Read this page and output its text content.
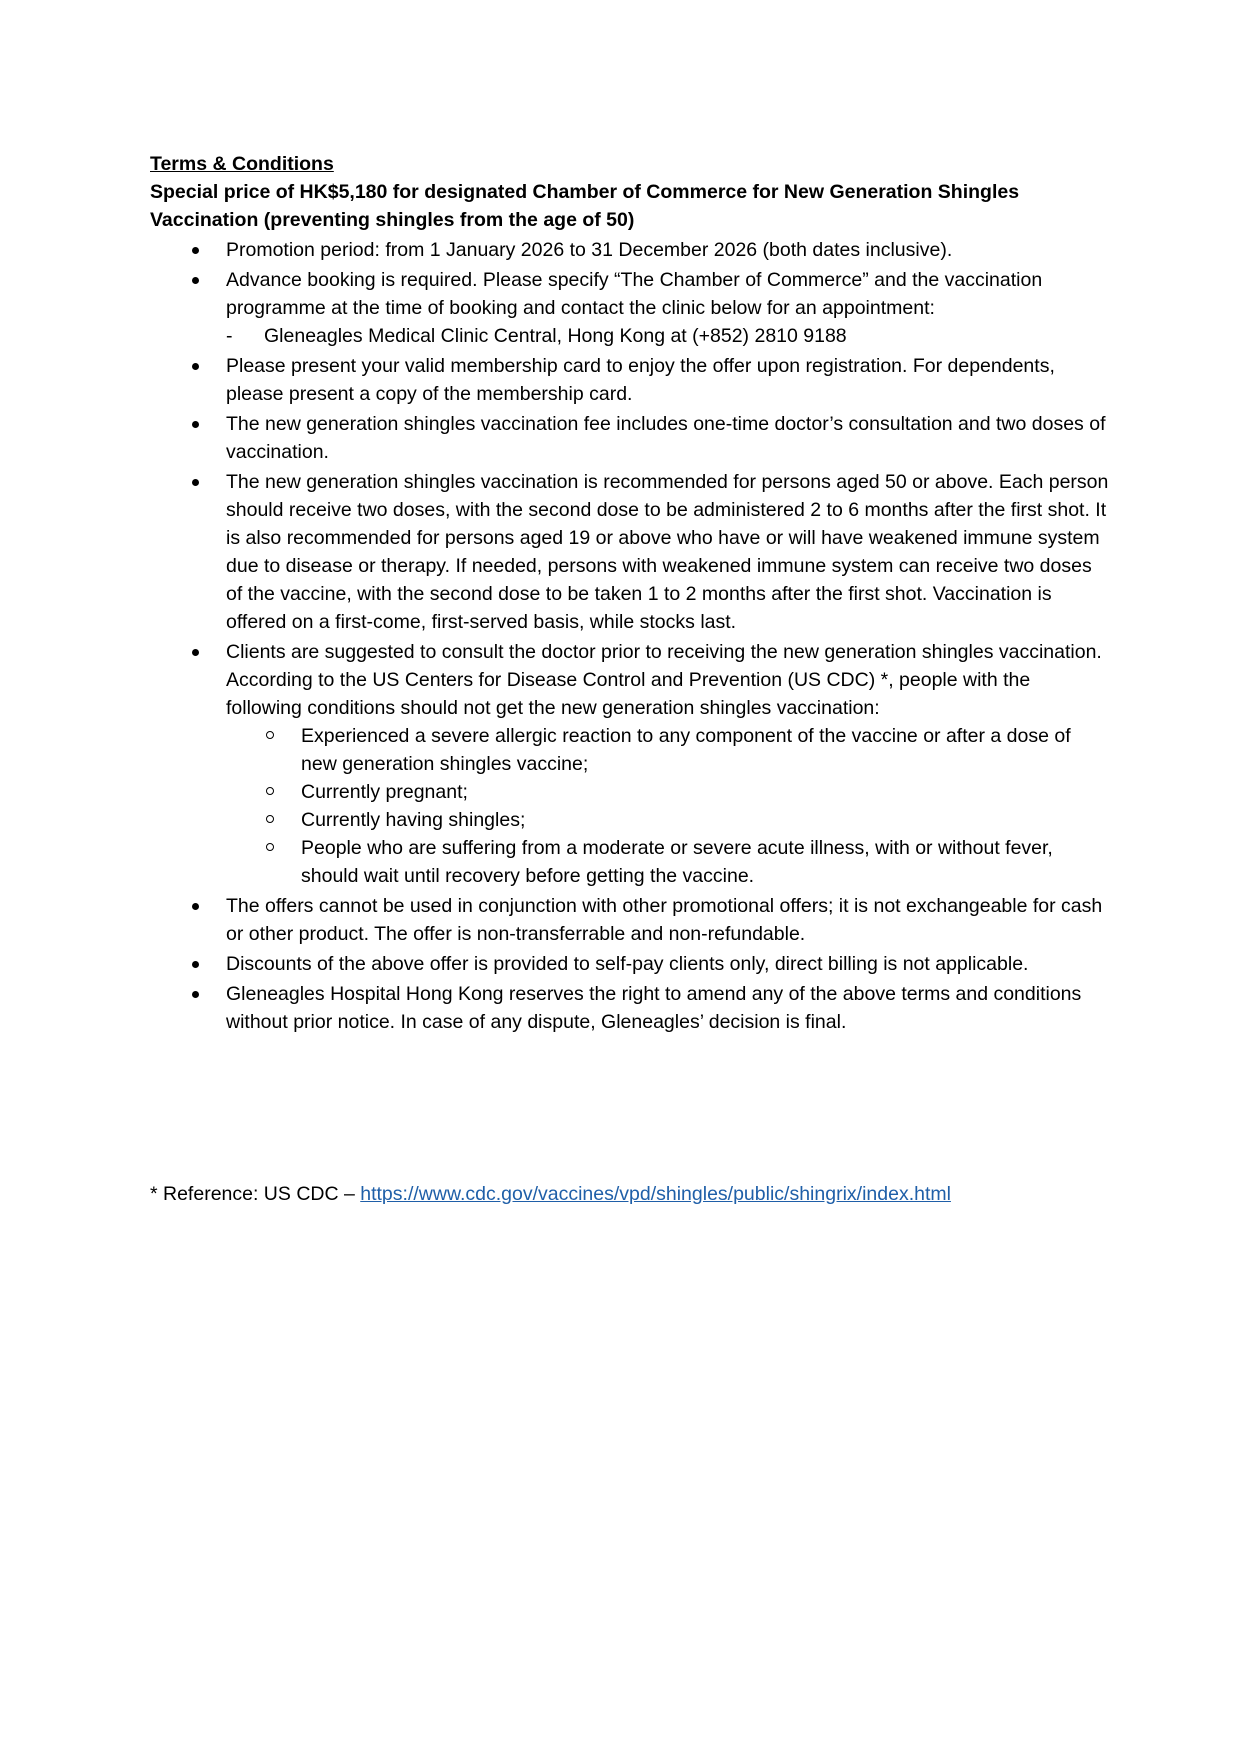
Terms & Conditions

Special price of HK$5,180 for designated Chamber of Commerce for New Generation Shingles Vaccination (preventing shingles from the age of 50)

Promotion period: from 1 January 2026 to 31 December 2026 (both dates inclusive).
Advance booking is required. Please specify “The Chamber of Commerce” and the vaccination programme at the time of booking and contact the clinic below for an appointment:
- Gleneagles Medical Clinic Central, Hong Kong at (+852) 2810 9188
Please present your valid membership card to enjoy the offer upon registration. For dependents, please present a copy of the membership card.
The new generation shingles vaccination fee includes one-time doctor’s consultation and two doses of vaccination.
The new generation shingles vaccination is recommended for persons aged 50 or above. Each person should receive two doses, with the second dose to be administered 2 to 6 months after the first shot. It is also recommended for persons aged 19 or above who have or will have weakened immune system due to disease or therapy. If needed, persons with weakened immune system can receive two doses of the vaccine, with the second dose to be taken 1 to 2 months after the first shot. Vaccination is offered on a first-come, first-served basis, while stocks last.
Clients are suggested to consult the doctor prior to receiving the new generation shingles vaccination. According to the US Centers for Disease Control and Prevention (US CDC) *, people with the following conditions should not get the new generation shingles vaccination:
Experienced a severe allergic reaction to any component of the vaccine or after a dose of new generation shingles vaccine;
Currently pregnant;
Currently having shingles;
People who are suffering from a moderate or severe acute illness, with or without fever, should wait until recovery before getting the vaccine.
The offers cannot be used in conjunction with other promotional offers; it is not exchangeable for cash or other product. The offer is non-transferrable and non-refundable.
Discounts of the above offer is provided to self-pay clients only, direct billing is not applicable.
Gleneagles Hospital Hong Kong reserves the right to amend any of the above terms and conditions without prior notice. In case of any dispute, Gleneagles’ decision is final.
* Reference: US CDC – https://www.cdc.gov/vaccines/vpd/shingles/public/shingrix/index.html
